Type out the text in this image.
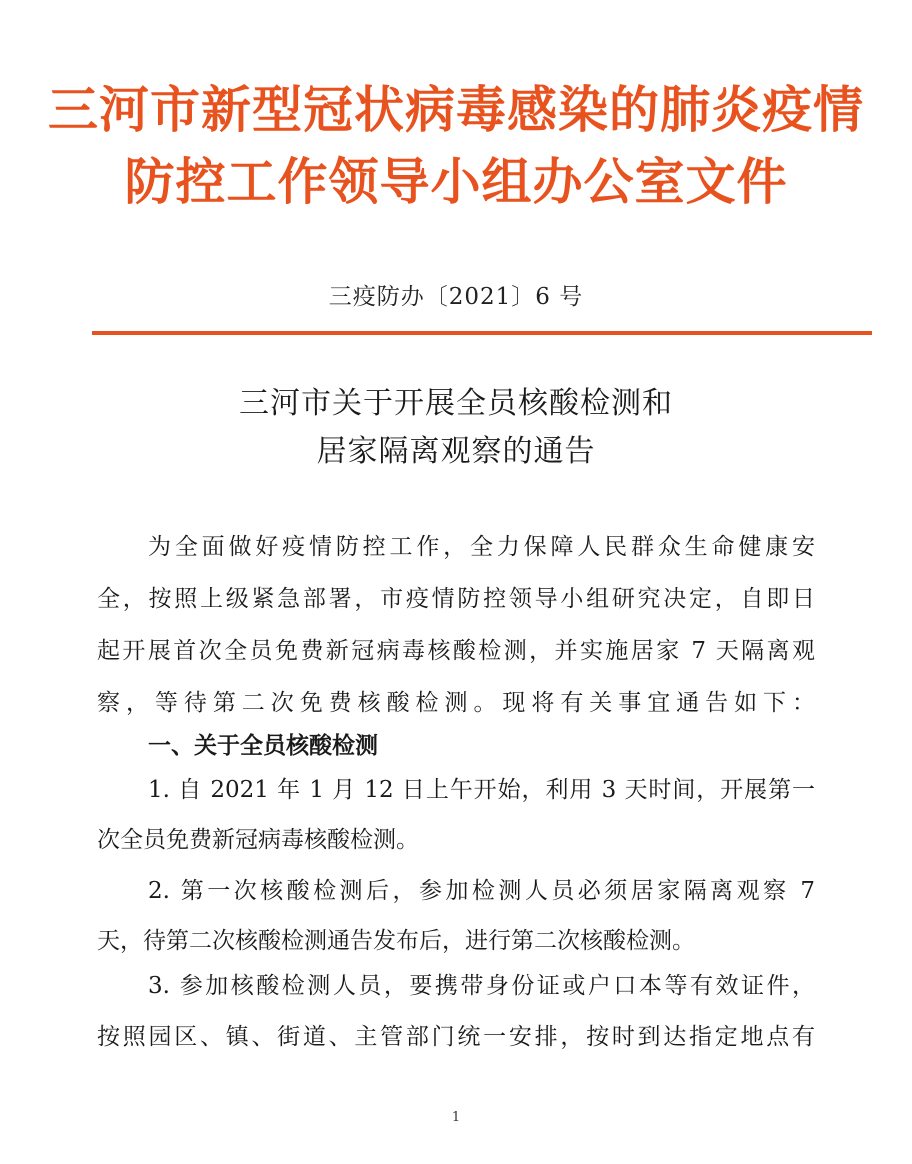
三河市新型冠状病毒感染的肺炎疫情
防控工作领导小组办公室文件
三疫防办〔2021〕6 号
三河市关于开展全员核酸检测和
居家隔离观察的通告
为全面做好疫情防控工作，全力保障人民群众生命健康安
全，按照上级紧急部署，市疫情防控领导小组研究决定，自即日
起开展首次全员免费新冠病毒核酸检测，并实施居家 7 天隔离观
察，等待第二次免费核酸检测。现将有关事宜通告如下：
一、关于全员核酸检测
1. 自 2021 年 1 月 12 日上午开始，利用 3 天时间，开展第一
次全员免费新冠病毒核酸检测。
2. 第一次核酸检测后，参加检测人员必须居家隔离观察 7
天，待第二次核酸检测通告发布后，进行第二次核酸检测。
3. 参加核酸检测人员，要携带身份证或户口本等有效证件，
按照园区、镇、街道、主管部门统一安排，按时到达指定地点有
1
